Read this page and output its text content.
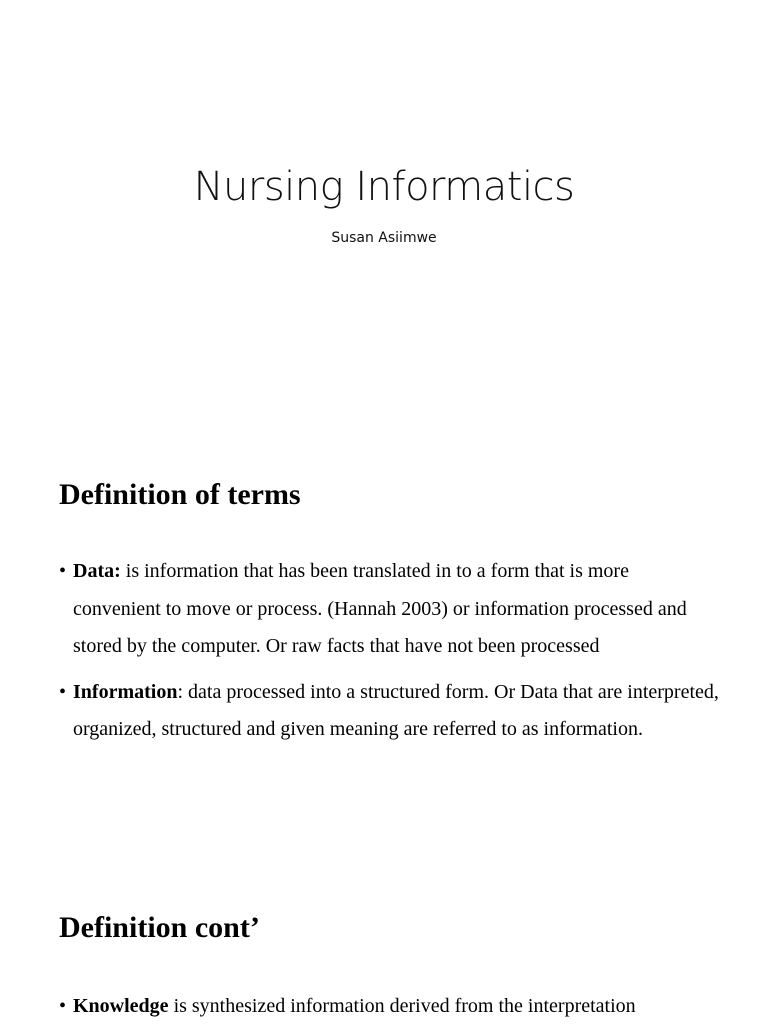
Nursing Informatics
Susan Asiimwe
Definition of terms
• Data: is information that has been translated in to a form that is more convenient to move or process. (Hannah 2003) or information processed and stored by the computer. Or raw facts that have not been processed
• Information: data processed into a structured form. Or Data that are interpreted, organized, structured and given meaning are referred to as information.
Definition cont’
• Knowledge is synthesized information derived from the interpretation
